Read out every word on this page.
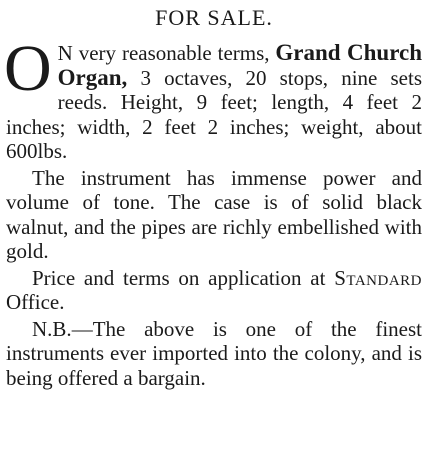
FOR SALE.

O N very reasonable terms, Grand Church Organ, 3 octaves, 20 stops, nine sets reeds. Height, 9 feet; length, 4 feet 2 inches; width, 2 feet 2 inches; weight, about 600lbs.

The instrument has immense power and volume of tone. The case is of solid black walnut, and the pipes are richly embellished with gold.

Price and terms on application at Standard Office.

N.B.—The above is one of the finest instruments ever imported into the colony, and is being offered a bargain.
